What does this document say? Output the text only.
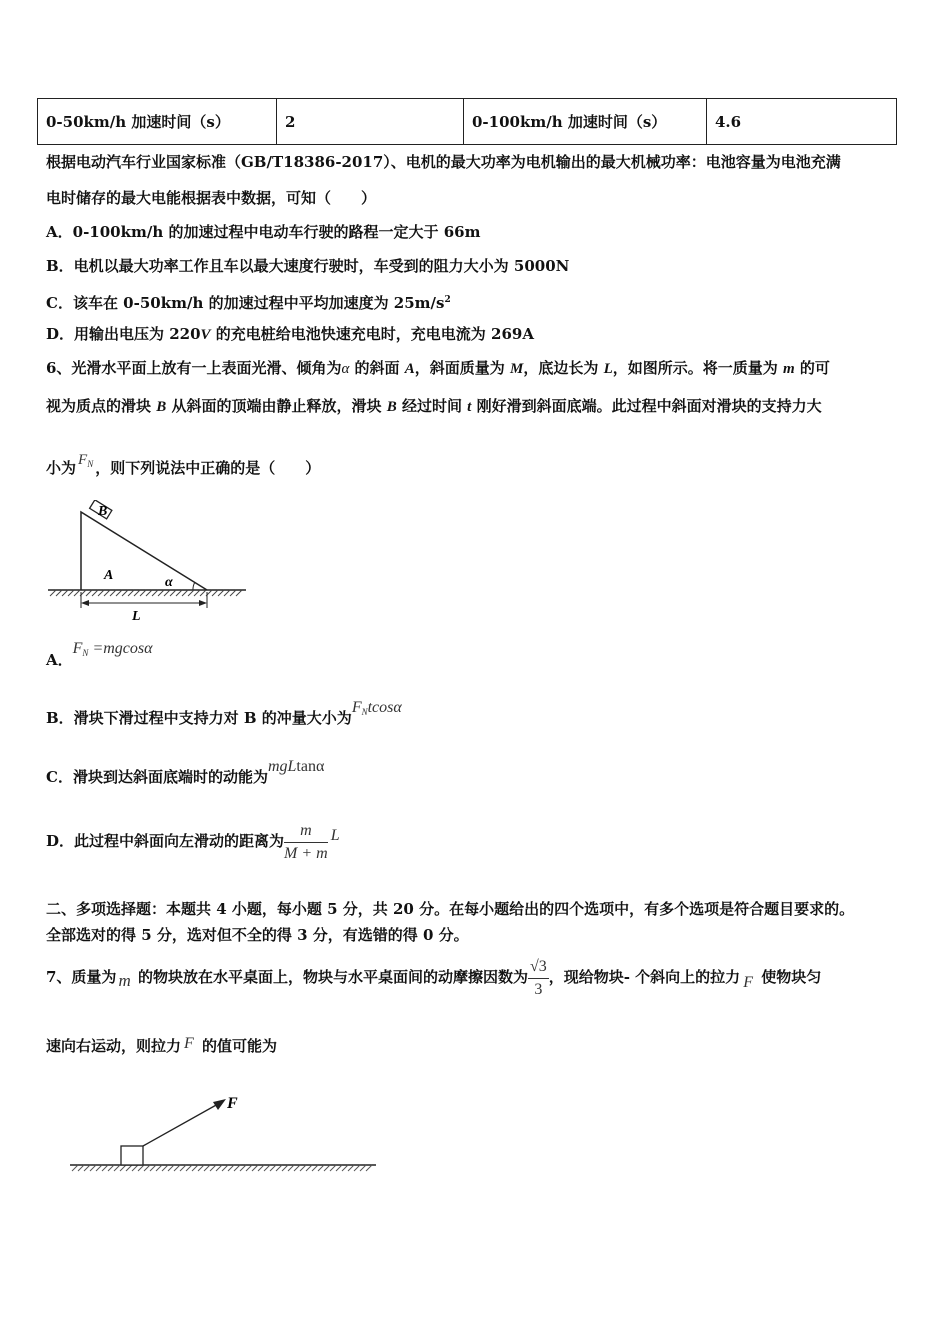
0-50km/h 加速时间（s）	2	0-100km/h 加速时间（s）	4.6
根据电动汽车行业国家标准（GB/T18386-2017）、电机的最大功率为电机输出的最大机械功率：电池容量为电池充满
电时储存的最大电能根据表中数据，可知（　　）
A．0-100km/h 的加速过程中电动车行驶的路程一定大于 66m
B．电机以最大功率工作且车以最大速度行驶时，车受到的阻力大小为 5000N
C．该车在 0-50km/h 的加速过程中平均加速度为 $25m/s^2$
D．用输出电压为 220V 的充电桩给电池快速充电时，充电电流为 269A
6、光滑水平面上放有一上表面光滑、倾角为α 的斜面 A，斜面质量为 M，底边长为 L，如图所示。将一质量为 m 的可
视为质点的滑块 B 从斜面的顶端由静止释放，滑块 B 经过时间 t 刚好滑到斜面底端。此过程中斜面对滑块的支持力大
小为 $F_N$ ，则下列说法中正确的是（　　）
B
A	α
L
A．$F_N =mgcos\alpha$
B．滑块下滑过程中支持力对 B 的冲量大小为$F_Ntcos\alpha$
C．滑块到达斜面底端时的动能为mgLtanα
D．此过程中斜面向左滑动的距离为 $\frac{m}{M + m}$ L
二、多项选择题：本题共 4 小题，每小题 5 分，共 20 分。在每小题给出的四个选项中，有多个选项是符合题目要求的。
全部选对的得 5 分，选对但不全的得 3 分，有选错的得 0 分。
7、质量为 m 的物块放在水平桌面上，物块与水平桌面间的动摩擦因数为 $\frac{√3}{3}$ ，现给物块- 个斜向上的拉力 F 使物块匀
速向右运动，则拉力 F 的值可能为
F
